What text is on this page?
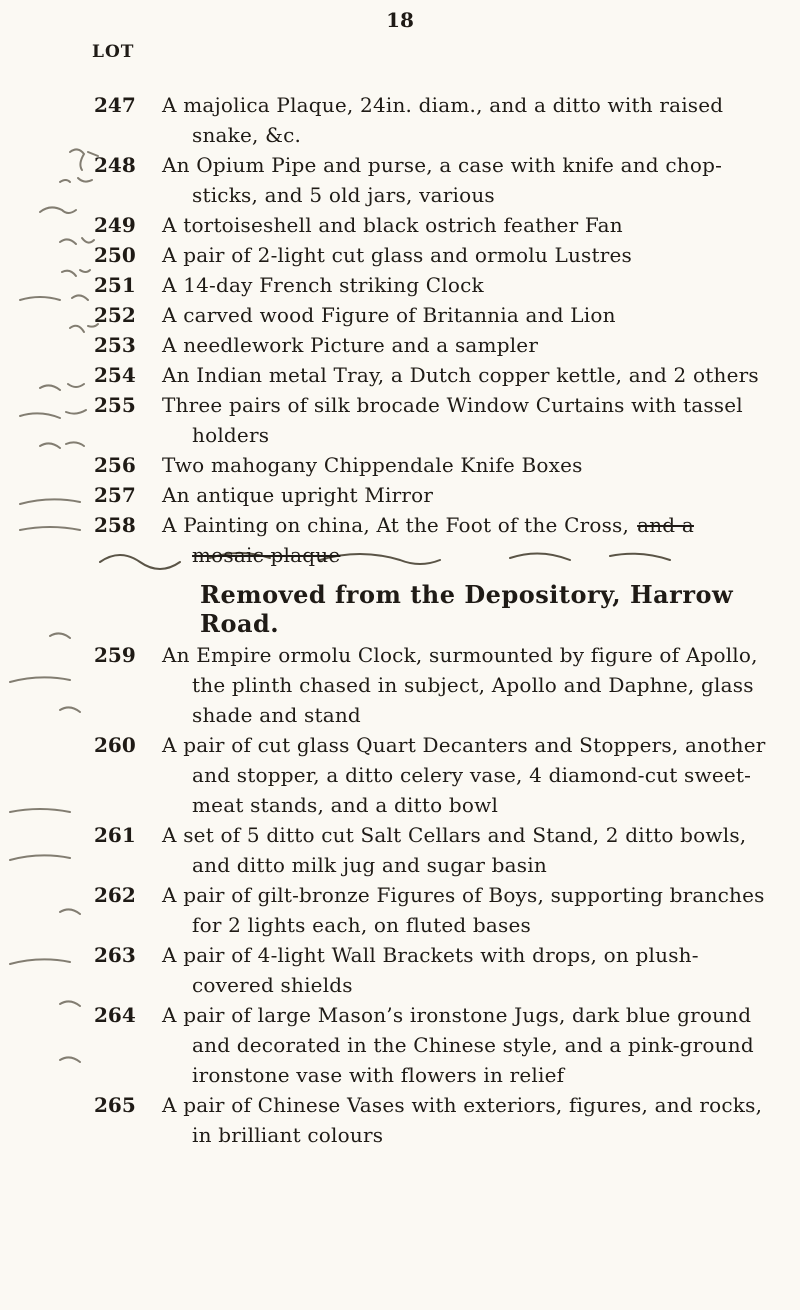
18
LOT
247	A majolica Plaque, 24in. diam., and a ditto with raised
snake, &c.
248	An Opium Pipe and purse, a case with knife and chop-
sticks, and 5 old jars, various
249	A tortoiseshell and black ostrich feather Fan
250	A pair of 2-light cut glass and ormolu Lustres
251	A 14-day French striking Clock
252	A carved wood Figure of Britannia and Lion
253	A needlework Picture and a sampler
254	An Indian metal Tray, a Dutch copper kettle, and 2 others
255	Three pairs of silk brocade Window Curtains with tassel
holders
256	Two mahogany Chippendale Knife Boxes
257	An antique upright Mirror
258	A Painting on china, At the Foot of the Cross, and a
mosaic plaque
259	An Empire ormolu Clock, surmounted by figure of Apollo,
the plinth chased in subject, Apollo and Daphne, glass
shade and stand
260	A pair of cut glass Quart Decanters and Stoppers, another
and stopper, a ditto celery vase, 4 diamond-cut sweet-
meat stands, and a ditto bowl
261	A set of 5 ditto cut Salt Cellars and Stand, 2 ditto bowls,
and ditto milk jug and sugar basin
262	A pair of gilt-bronze Figures of Boys, supporting branches
for 2 lights each, on fluted bases
263	A pair of 4-light Wall Brackets with drops, on plush-
covered shields
264	A pair of large Mason’s ironstone Jugs, dark blue ground
and decorated in the Chinese style, and a pink-ground
ironstone vase with flowers in relief
265	A pair of Chinese Vases with exteriors, figures, and rocks,
in brilliant colours
Removed from the Depository, Harrow Road.
